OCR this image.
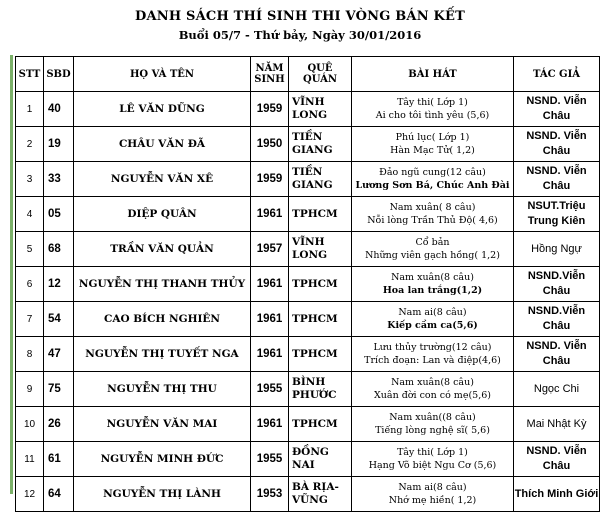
DANH SÁCH THÍ SINH THI VÒNG BÁN KẾT
Buổi 05/7 - Thứ bảy, Ngày 30/01/2016
STT	SBD	HỌ VÀ TÊN	NĂM SINH	QUÊ QUÁN	BÀI HÁT	TÁC GIẢ
1	40	LÊ VĂN DŨNG	1959	VĨNH LONG	Tây thi( Lớp 1)
Ai cho tôi tình yêu (5,6)	NSND. Viễn Châu
2	19	CHÂU VĂN ĐÃ	1950	TIỀN GIANG	Phú lục( Lớp 1)
Hàn Mạc Tử( 1,2)	NSND. Viễn Châu
3	33	NGUYỄN VĂN XÊ	1959	TIỀN GIANG	Đảo ngũ cung(12 câu)
Lương Sơn Bá, Chúc Anh Đài	NSND. Viễn Châu
4	05	DIỆP QUÂN	1961	TPHCM	Nam xuân( 8 câu)
Nỗi lòng Trần Thủ Độ( 4,6)	NSUT.Triệu Trung Kiên
5	68	TRẦN VĂN QUẢN	1957	VĨNH LONG	Cổ bản
Những viên gạch hồng( 1,2)	Hồng Ngự
6	12	NGUYỄN THỊ THANH THỦY	1961	TPHCM	Nam xuân(8 câu)
Hoa lan trắng(1,2)	NSND.Viễn Châu
7	54	CAO BÍCH NGHIÊN	1961	TPHCM	Nam ai(8 câu)
Kiếp cầm ca(5,6)	NSND.Viễn Châu
8	47	NGUYỄN THỊ TUYẾT NGA	1961	TPHCM	Lưu thủy trường(12 câu)
Trích đoạn: Lan và điệp(4,6)	NSND. Viễn Châu
9	75	NGUYỄN THỊ THU	1955	BÌNH PHƯỚC	Nam xuân(8 câu)
Xuân đời con có mẹ(5,6)	Ngọc Chi
10	26	NGUYỄN VĂN MAI	1961	TPHCM	Nam xuân((8 câu)
Tiếng lòng nghệ sĩ( 5,6)	Mai Nhật Kỳ
11	61	NGUYỄN MINH ĐỨC	1955	ĐỒNG NAI	Tây thi( Lớp 1)
Hạng Võ biệt Ngu Cơ (5,6)	NSND. Viễn Châu
12	64	NGUYỄN THỊ LÀNH	1953	BÀ RỊA-VŨNG	Nam ai(8 câu)
Nhớ mẹ hiền( 1,2)	Thích Minh Giới
